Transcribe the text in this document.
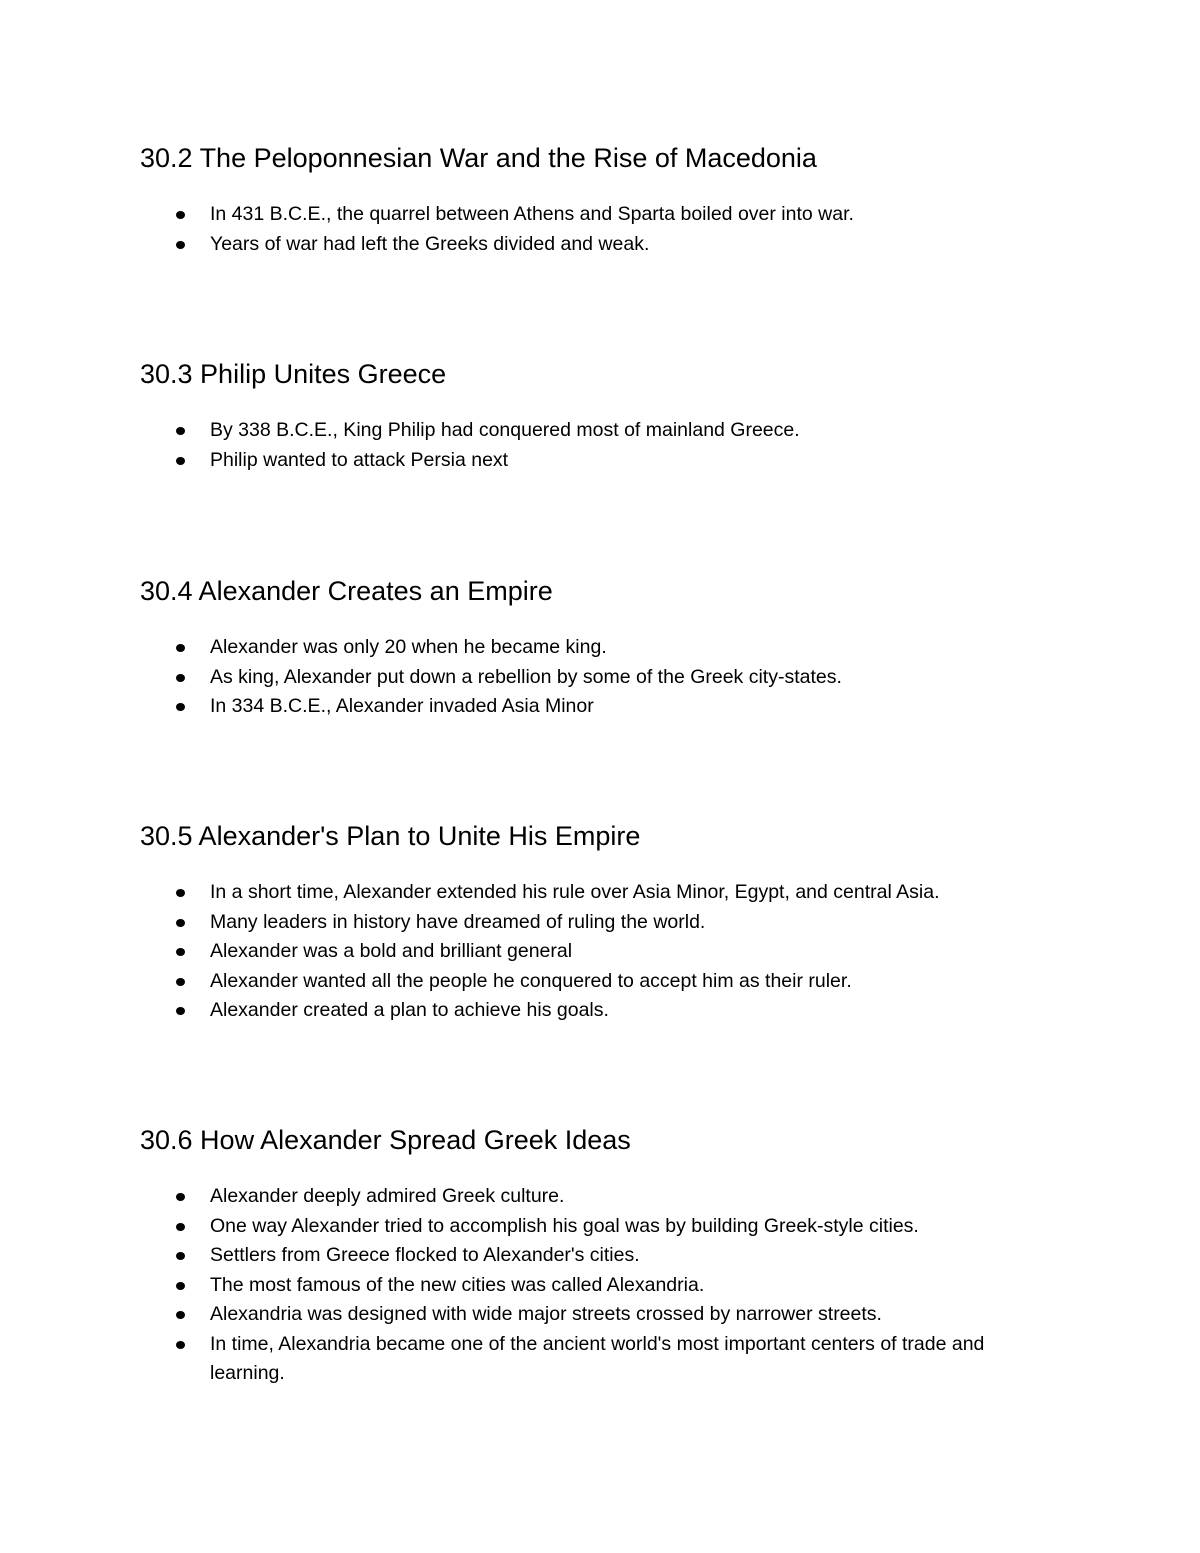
30.2 The Peloponnesian War and the Rise of Macedonia
In 431 B.C.E., the quarrel between Athens and Sparta boiled over into war.
Years of war had left the Greeks divided and weak.
30.3 Philip Unites Greece
By 338 B.C.E., King Philip had conquered most of mainland Greece.
Philip wanted to attack Persia next
30.4 Alexander Creates an Empire
Alexander was only 20 when he became king.
As king, Alexander put down a rebellion by some of the Greek city-states.
In 334 B.C.E., Alexander invaded Asia Minor
30.5 Alexander's Plan to Unite His Empire
In a short time, Alexander extended his rule over Asia Minor, Egypt, and central Asia.
Many leaders in history have dreamed of ruling the world.
Alexander was a bold and brilliant general
Alexander wanted all the people he conquered to accept him as their ruler.
Alexander created a plan to achieve his goals.
30.6 How Alexander Spread Greek Ideas
Alexander deeply admired Greek culture.
One way Alexander tried to accomplish his goal was by building Greek-style cities.
Settlers from Greece flocked to Alexander's cities.
The most famous of the new cities was called Alexandria.
Alexandria was designed with wide major streets crossed by narrower streets.
In time, Alexandria became one of the ancient world's most important centers of trade and learning.
